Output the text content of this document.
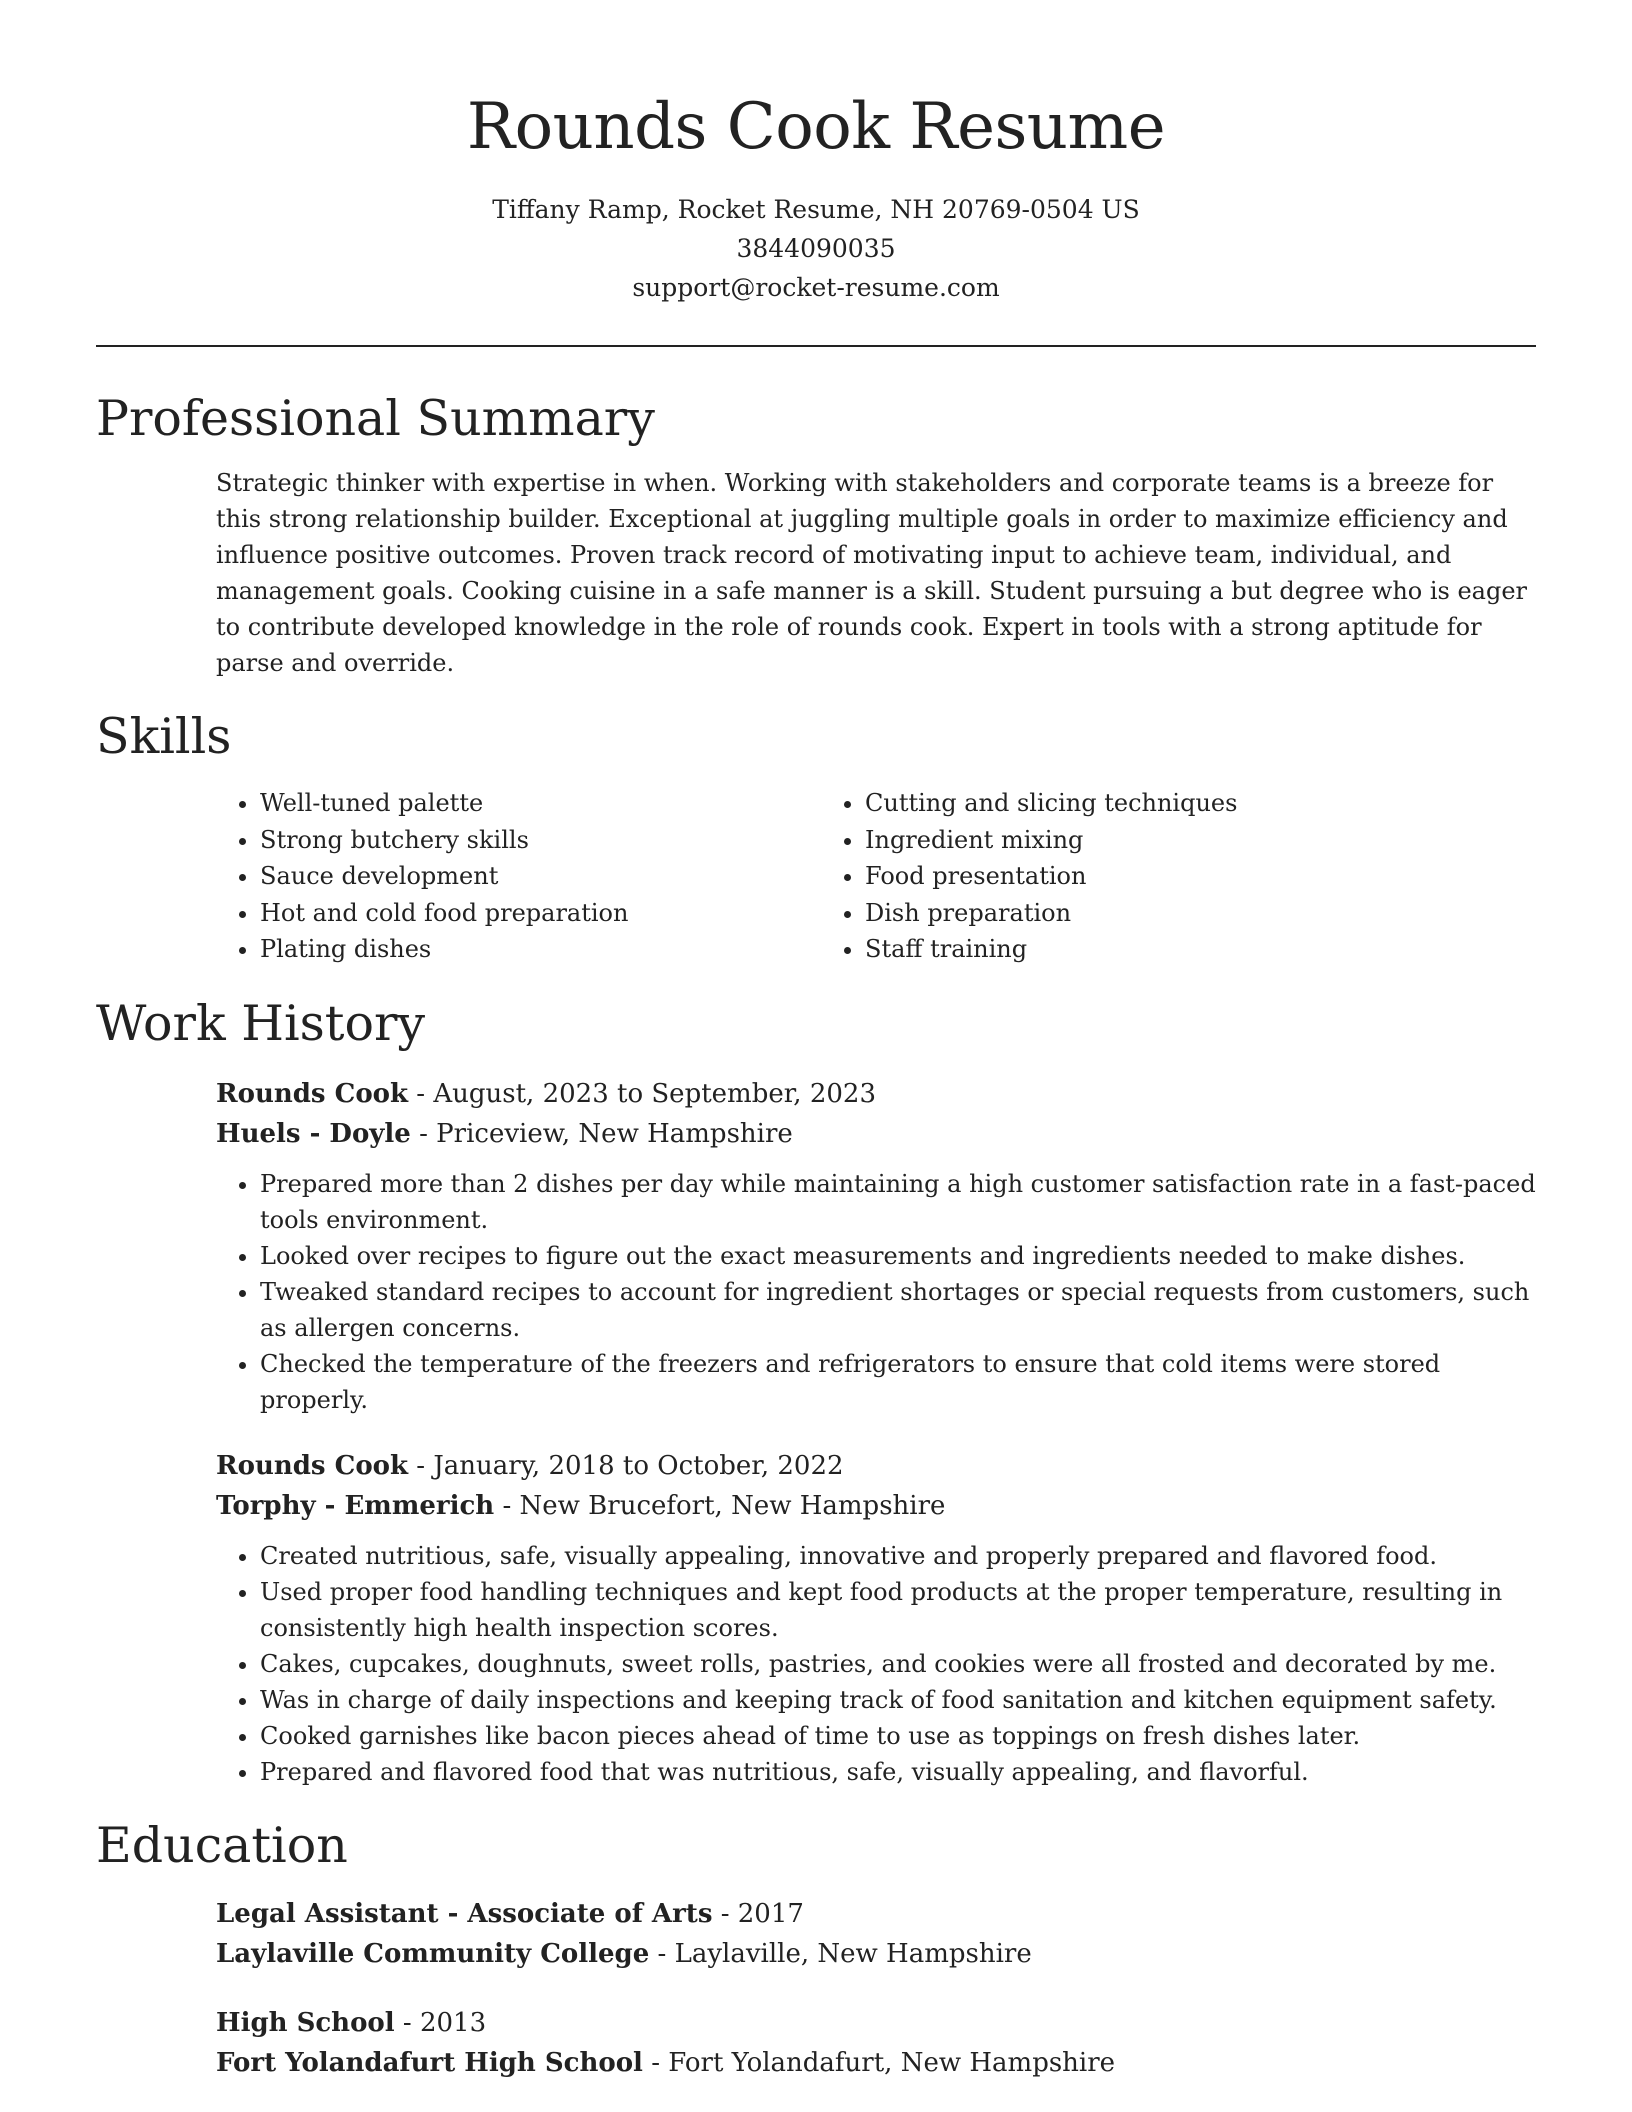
Rounds Cook Resume
Tiffany Ramp, Rocket Resume, NH 20769-0504 US
3844090035
support@rocket-resume.com
Professional Summary
Strategic thinker with expertise in when. Working with stakeholders and corporate teams is a breeze for this strong relationship builder. Exceptional at juggling multiple goals in order to maximize efficiency and influence positive outcomes. Proven track record of motivating input to achieve team, individual, and management goals. Cooking cuisine in a safe manner is a skill. Student pursuing a but degree who is eager to contribute developed knowledge in the role of rounds cook. Expert in tools with a strong aptitude for parse and override.
Skills
• Well-tuned palette
• Strong butchery skills
• Sauce development
• Hot and cold food preparation
• Plating dishes
• Cutting and slicing techniques
• Ingredient mixing
• Food presentation
• Dish preparation
• Staff training
Work History
Rounds Cook - August, 2023 to September, 2023
Huels - Doyle - Priceview, New Hampshire
• Prepared more than 2 dishes per day while maintaining a high customer satisfaction rate in a fast-paced tools environment.
• Looked over recipes to figure out the exact measurements and ingredients needed to make dishes.
• Tweaked standard recipes to account for ingredient shortages or special requests from customers, such as allergen concerns.
• Checked the temperature of the freezers and refrigerators to ensure that cold items were stored properly.
Rounds Cook - January, 2018 to October, 2022
Torphy - Emmerich - New Brucefort, New Hampshire
• Created nutritious, safe, visually appealing, innovative and properly prepared and flavored food.
• Used proper food handling techniques and kept food products at the proper temperature, resulting in consistently high health inspection scores.
• Cakes, cupcakes, doughnuts, sweet rolls, pastries, and cookies were all frosted and decorated by me.
• Was in charge of daily inspections and keeping track of food sanitation and kitchen equipment safety.
• Cooked garnishes like bacon pieces ahead of time to use as toppings on fresh dishes later.
• Prepared and flavored food that was nutritious, safe, visually appealing, and flavorful.
Education
Legal Assistant - Associate of Arts - 2017
Laylaville Community College - Laylaville, New Hampshire
High School - 2013
Fort Yolandafurt High School - Fort Yolandafurt, New Hampshire
